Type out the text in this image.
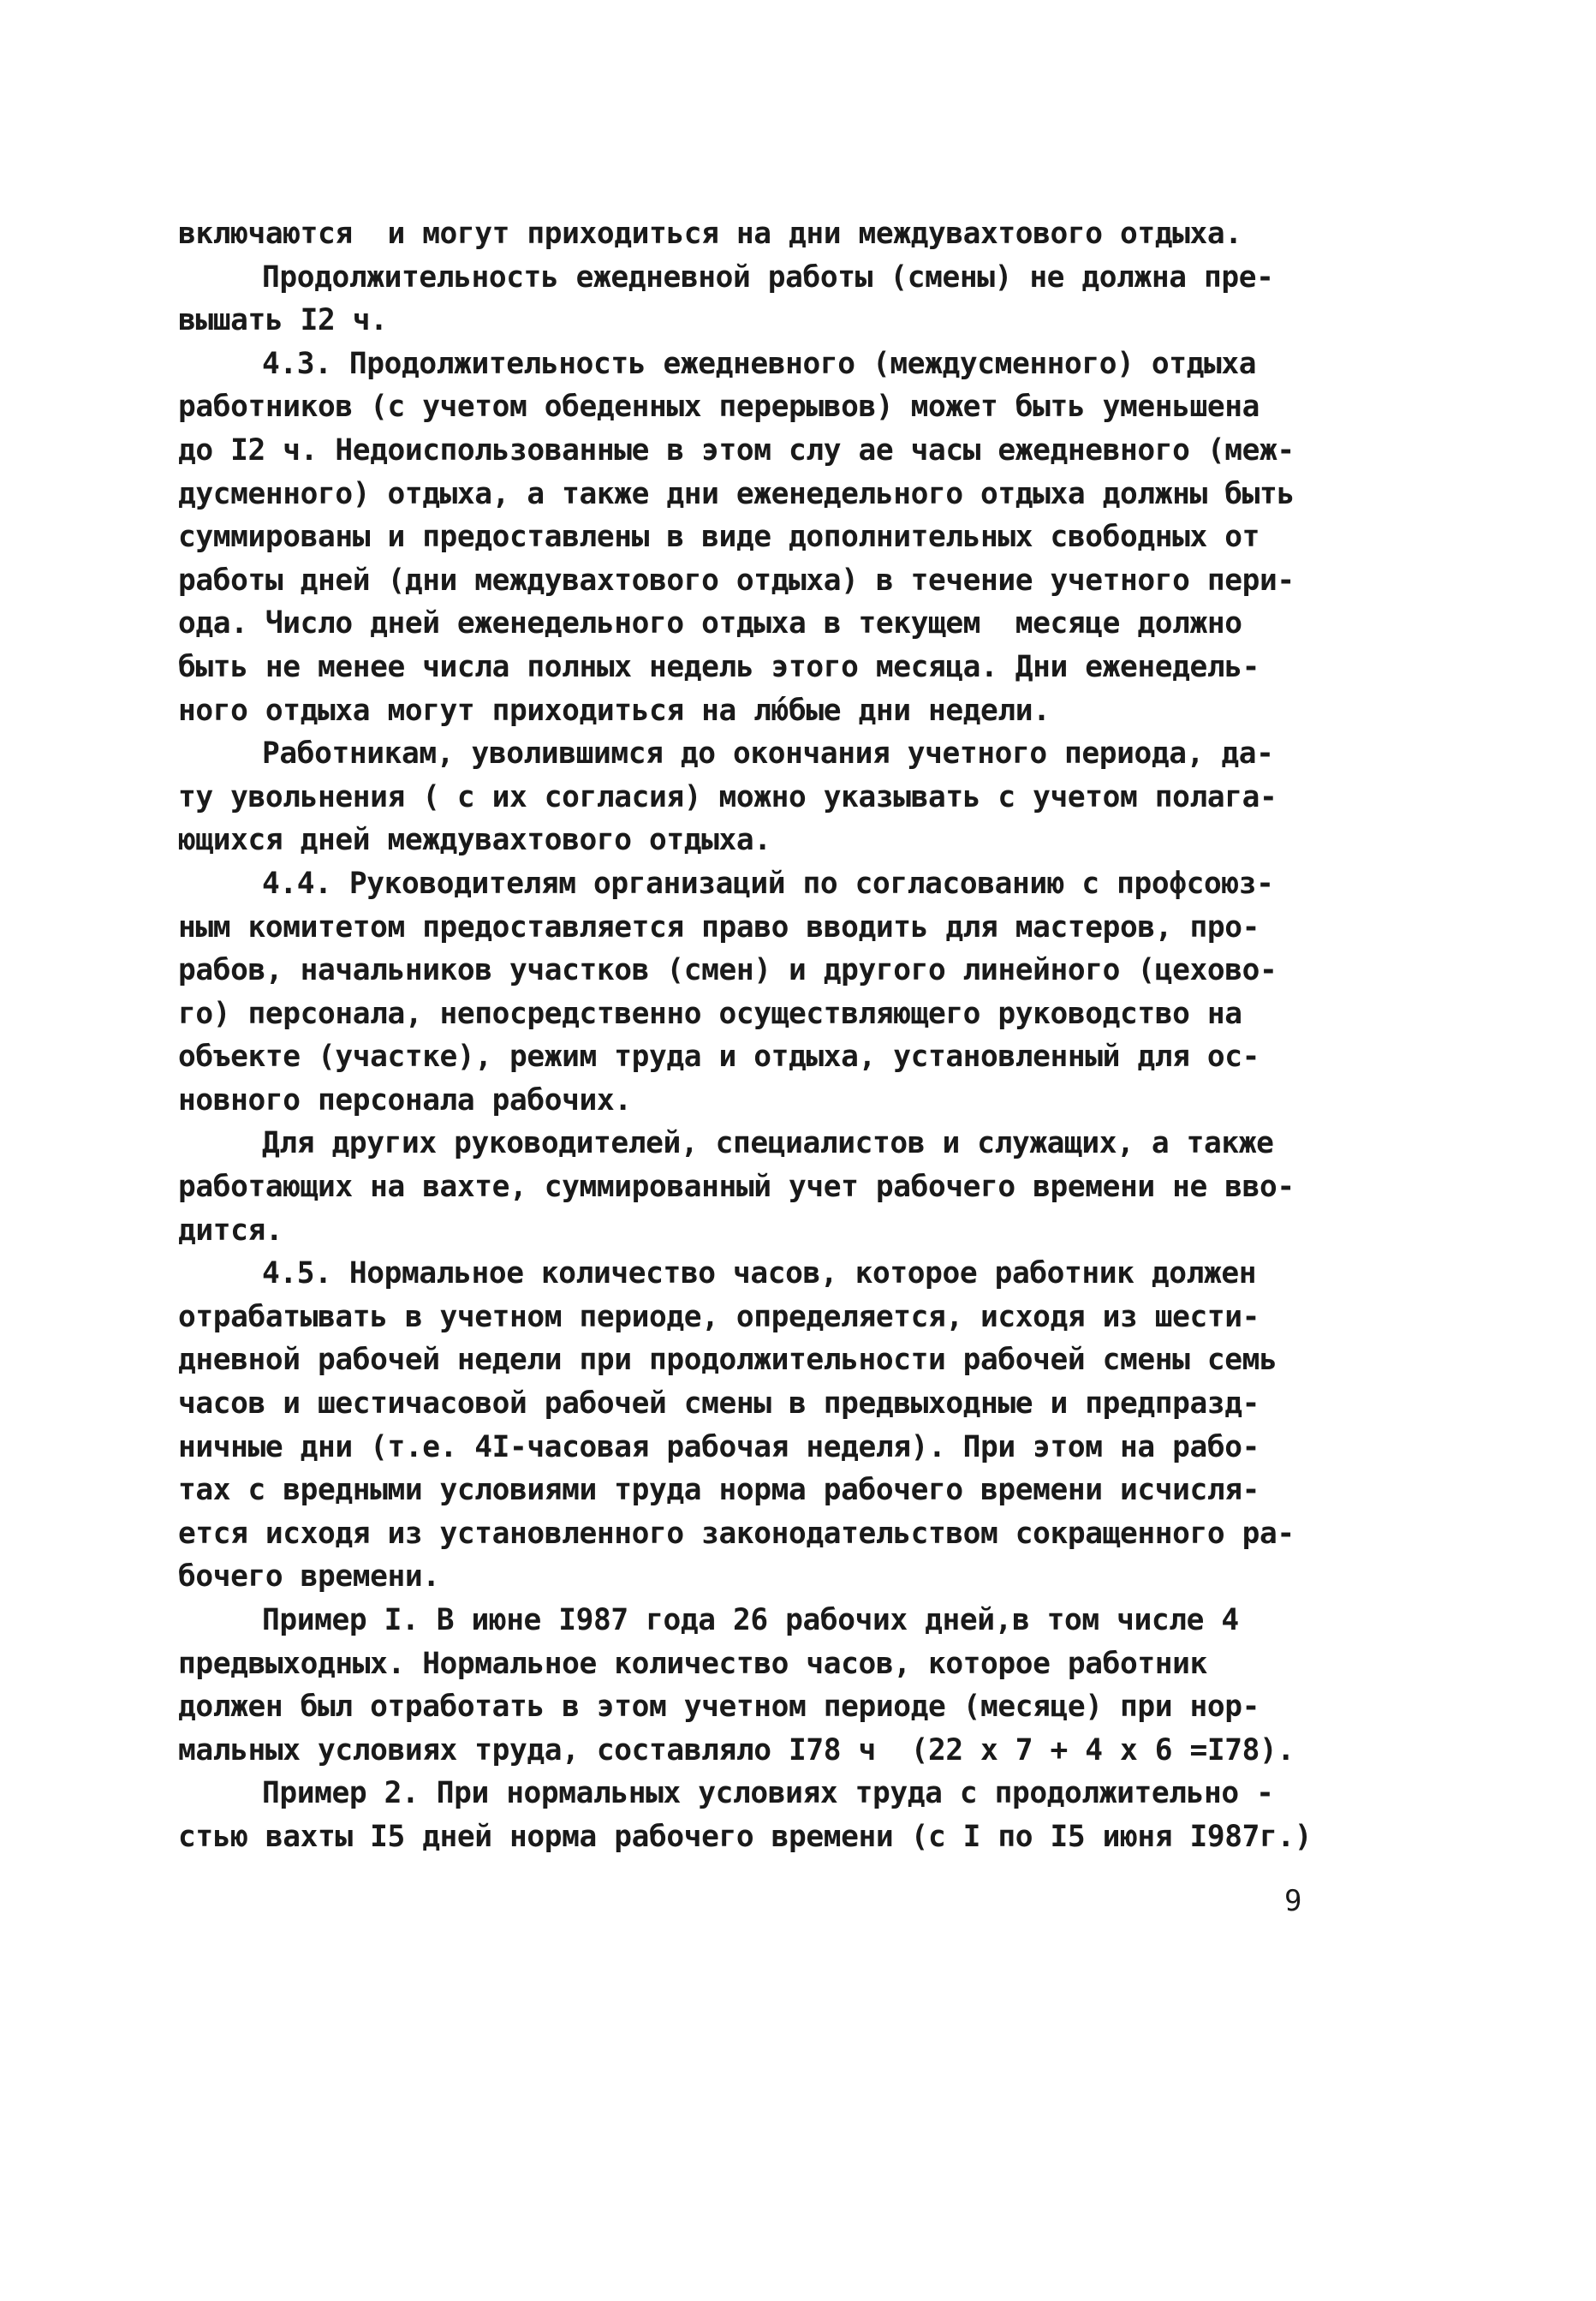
включаются  и могут приходиться на дни междувахтового отдыха.
Продолжительность ежедневной работы (смены) не должна пре-
вышать I2 ч.
4.3. Продолжительность ежедневного (междусменного) отдыха
работников (с учетом обеденных перерывов) может быть уменьшена
до I2 ч. Недоиспользованные в этом слу ае часы ежедневного (меж-
дусменного) отдыха, а также дни еженедельного отдыха должны быть
суммированы и предоставлены в виде дополнительных свободных от
работы дней (дни междувахтового отдыха) в течение учетного пери-
ода. Число дней еженедельного отдыха в текущем  месяце должно
быть не менее числа полных недель этого месяца. Дни еженедель-
ного отдыха могут приходиться на лю́бые дни недели.
Работникам, уволившимся до окончания учетного периода, да-
ту увольнения ( с их согласия) можно указывать с учетом полага-
ющихся дней междувахтового отдыха.
4.4. Руководителям организаций по согласованию с профсоюз-
ным комитетом предоставляется право вводить для мастеров, про-
рабов, начальников участков (смен) и другого линейного (цехово-
го) персонала, непосредственно осуществляющего руководство на
объекте (участке), режим труда и отдыха, установленный для ос-
новного персонала рабочих.
Для других руководителей, специалистов и служащих, а также
работающих на вахте, суммированный учет рабочего времени не вво-
дится.
4.5. Нормальное количество часов, которое работник должен
отрабатывать в учетном периоде, определяется, исходя из шести-
дневной рабочей недели при продолжительности рабочей смены семь
часов и шестичасовой рабочей смены в предвыходные и предпразд-
ничные дни (т.е. 4I-часовая рабочая неделя). При этом на рабо-
тах с вредными условиями труда норма рабочего времени исчисля-
ется исходя из установленного законодательством сокращенного ра-
бочего времени.
Пример I. В июне I987 года 26 рабочих дней,в том числе 4
предвыходных. Нормальное количество часов, которое работник
должен был отработать в этом учетном периоде (месяце) при нор-
мальных условиях труда, составляло I78 ч  (22 x 7 + 4 x 6 =I78).
Пример 2. При нормальных условиях труда с продолжительно -
стью вахты I5 дней норма рабочего времени (с I по I5 июня I987г.)
9
